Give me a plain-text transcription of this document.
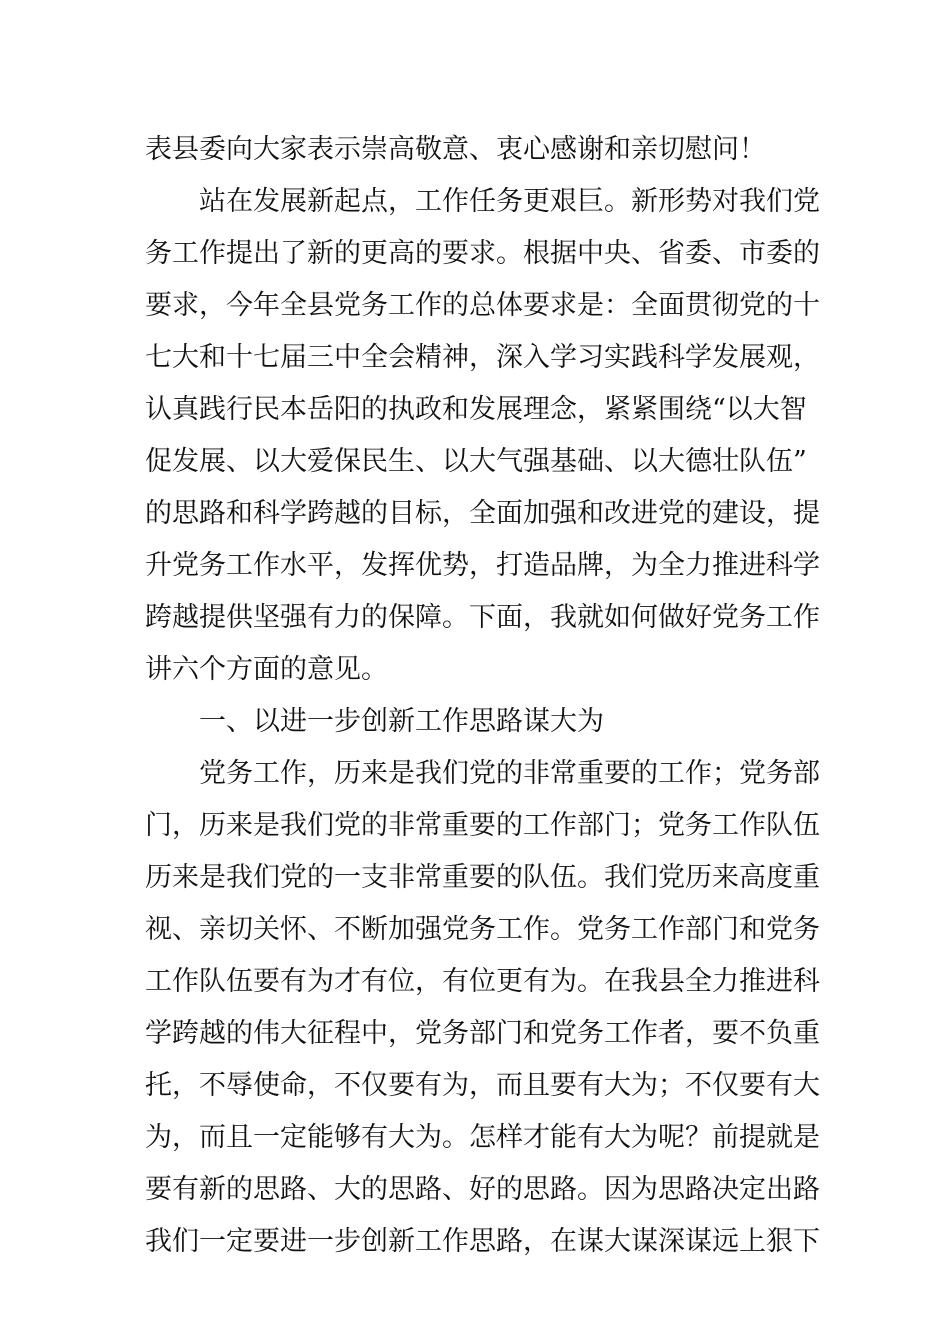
表县委向大家表示崇高敬意、衷心感谢和亲切慰问！
站在发展新起点，工作任务更艰巨。新形势对我们党
务工作提出了新的更高的要求。根据中央、省委、市委的
要求，今年全县党务工作的总体要求是：全面贯彻党的十
七大和十七届三中全会精神，深入学习实践科学发展观，
认真践行民本岳阳的执政和发展理念，紧紧围绕“以大智
促发展、以大爱保民生、以大气强基础、以大德壮队伍”
的思路和科学跨越的目标，全面加强和改进党的建设，提
升党务工作水平，发挥优势，打造品牌，为全力推进科学
跨越提供坚强有力的保障。下面，我就如何做好党务工作
讲六个方面的意见。
一、以进一步创新工作思路谋大为
党务工作，历来是我们党的非常重要的工作；党务部
门，历来是我们党的非常重要的工作部门；党务工作队伍
历来是我们党的一支非常重要的队伍。我们党历来高度重
视、亲切关怀、不断加强党务工作。党务工作部门和党务
工作队伍要有为才有位，有位更有为。在我县全力推进科
学跨越的伟大征程中，党务部门和党务工作者，要不负重
托，不辱使命，不仅要有为，而且要有大为；不仅要有大
为，而且一定能够有大为。怎样才能有大为呢？前提就是
要有新的思路、大的思路、好的思路。因为思路决定出路
我们一定要进一步创新工作思路，在谋大谋深谋远上狠下
